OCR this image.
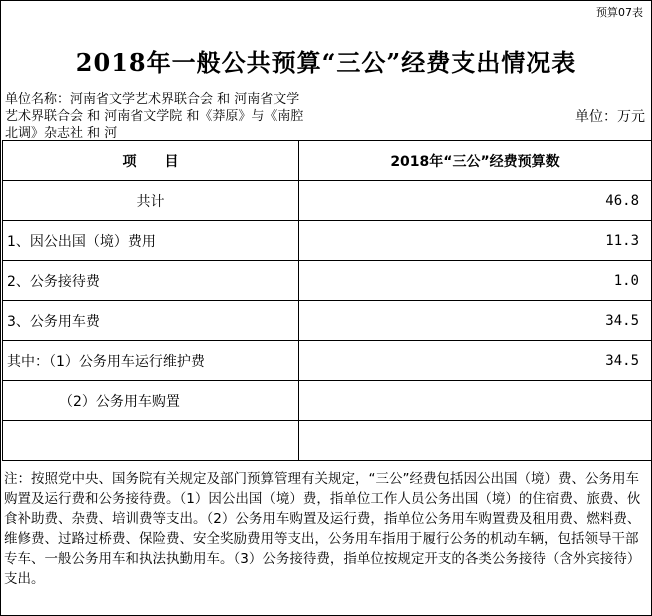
预算07表
2018年一般公共预算“三公”经费支出情况表
单位名称：河南省文学艺术界联合会 和 河南省文学艺术界联合会 和 河南省文学院 和《莽原》与《南腔北调》杂志社 和 河
单位：万元
项　　目	2018年“三公”经费预算数
共计	46.8
1、因公出国（境）费用	11.3
2、公务接待费	1.0
3、公务用车费	34.5
其中：（1）公务用车运行维护费	34.5
（2）公务用车购置	

注：按照党中央、国务院有关规定及部门预算管理有关规定，“三公”经费包括因公出国（境）费、公务用车购置及运行费和公务接待费。（1）因公出国（境）费，指单位工作人员公务出国（境）的住宿费、旅费、伙食补助费、杂费、培训费等支出。（2）公务用车购置及运行费，指单位公务用车购置费及租用费、燃料费、维修费、过路过桥费、保险费、安全奖励费用等支出，公务用车指用于履行公务的机动车辆，包括领导干部专车、一般公务用车和执法执勤用车。（3）公务接待费，指单位按规定开支的各类公务接待（含外宾接待）支出。
